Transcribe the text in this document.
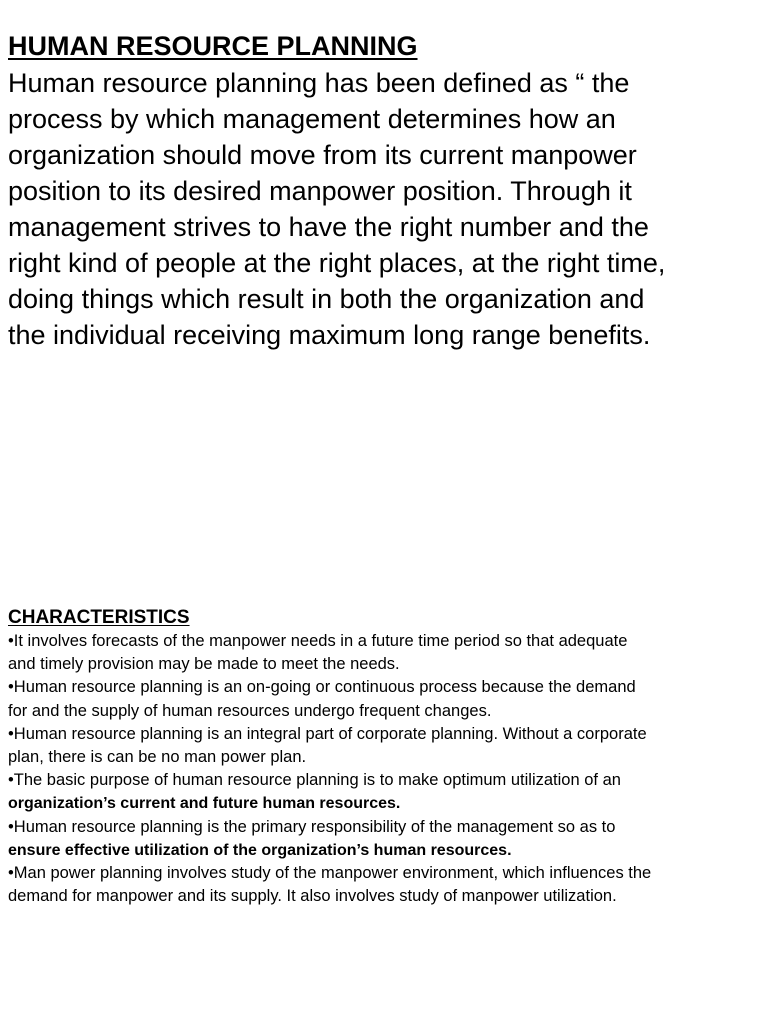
HUMAN RESOURCE PLANNING

Human resource planning has been defined as “ the
process by which management determines how an
organization should move from its current manpower
position to its desired manpower position. Through it
management strives to have the right number and the
right kind of people at the right places, at the right time,
doing things which result in both the organization and
the individual receiving maximum long range benefits.

CHARACTERISTICS
•It involves forecasts of the manpower needs in a future time period so that adequate
and timely provision may be made to meet the needs.
•Human resource planning is an on-going or continuous process because the demand
for and the supply of human resources undergo frequent changes.
•Human resource planning is an integral part of corporate planning. Without a corporate
plan, there is can be no man power plan.
•The basic purpose of human resource planning is to make optimum utilization of an
organization’s current and future human resources.
•Human resource planning is the primary responsibility of the management so as to
ensure effective utilization of the organization’s human resources.
•Man power planning involves study of the manpower environment, which influences the
demand for manpower and its supply. It also involves study of manpower utilization.
